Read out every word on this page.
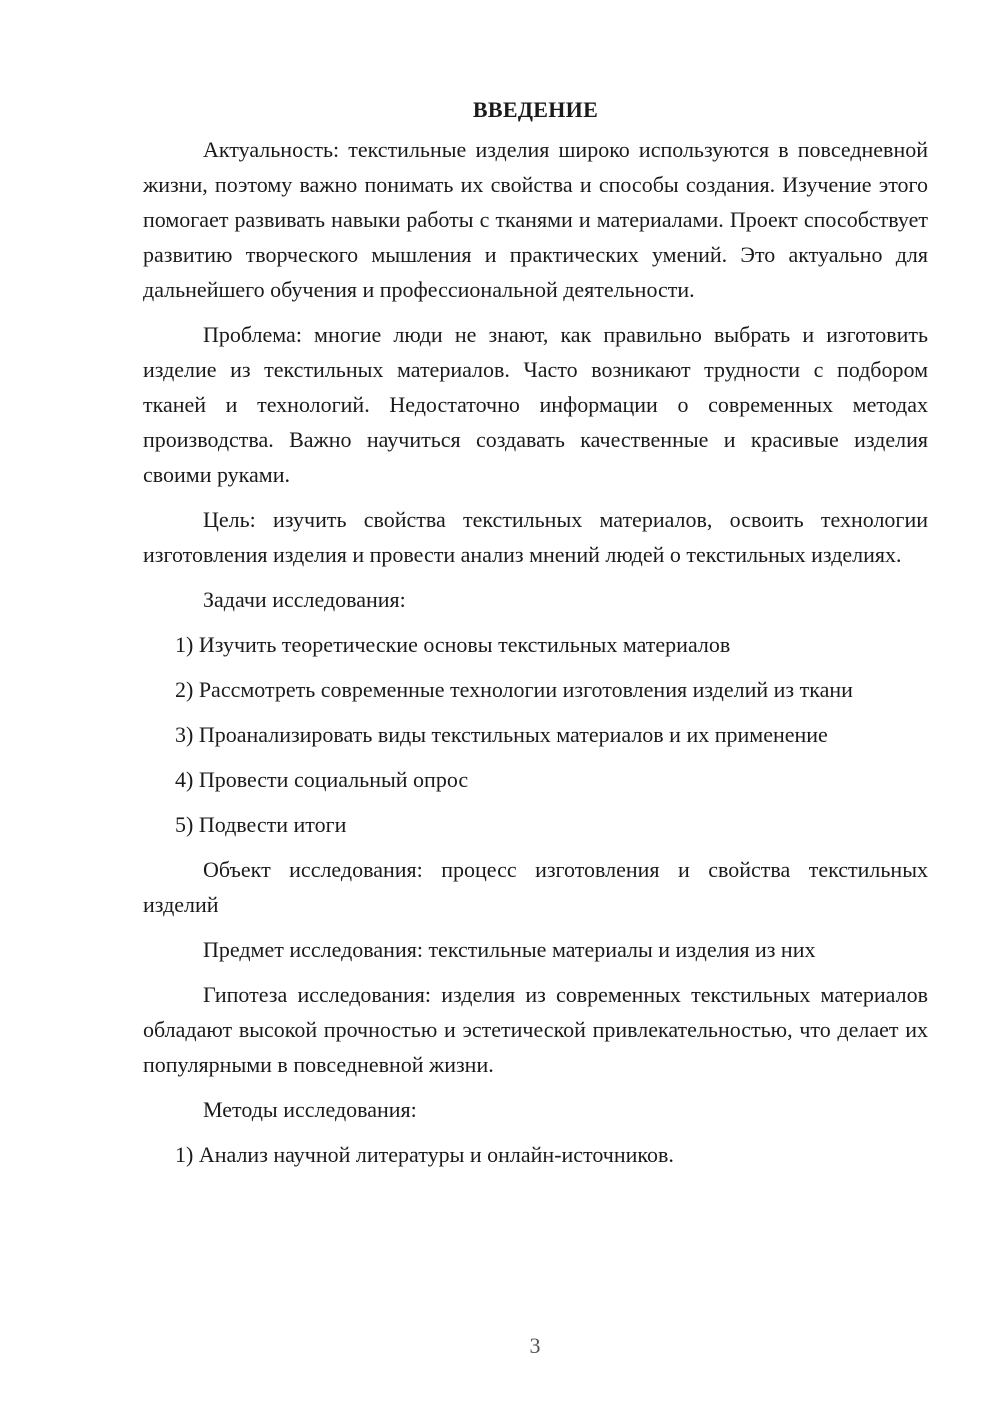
ВВЕДЕНИЕ

Актуальность: текстильные изделия широко используются в повседневной жизни, поэтому важно понимать их свойства и способы создания. Изучение этого помогает развивать навыки работы с тканями и материалами. Проект способствует развитию творческого мышления и практических умений. Это актуально для дальнейшего обучения и профессиональной деятельности.

Проблема: многие люди не знают, как правильно выбрать и изготовить изделие из текстильных материалов. Часто возникают трудности с подбором тканей и технологий. Недостаточно информации о современных методах производства. Важно научиться создавать качественные и красивые изделия своими руками.

Цель: изучить свойства текстильных материалов, освоить технологии изготовления изделия и провести анализ мнений людей о текстильных изделиях.

Задачи исследования:

1) Изучить теоретические основы текстильных материалов

2) Рассмотреть современные технологии изготовления изделий из ткани

3) Проанализировать виды текстильных материалов и их применение

4) Провести социальный опрос

5) Подвести итоги

Объект исследования: процесс изготовления и свойства текстильных изделий

Предмет исследования: текстильные материалы и изделия из них

Гипотеза исследования: изделия из современных текстильных материалов обладают высокой прочностью и эстетической привлекательностью, что делает их популярными в повседневной жизни.

Методы исследования:

1) Анализ научной литературы и онлайн-источников.

3
